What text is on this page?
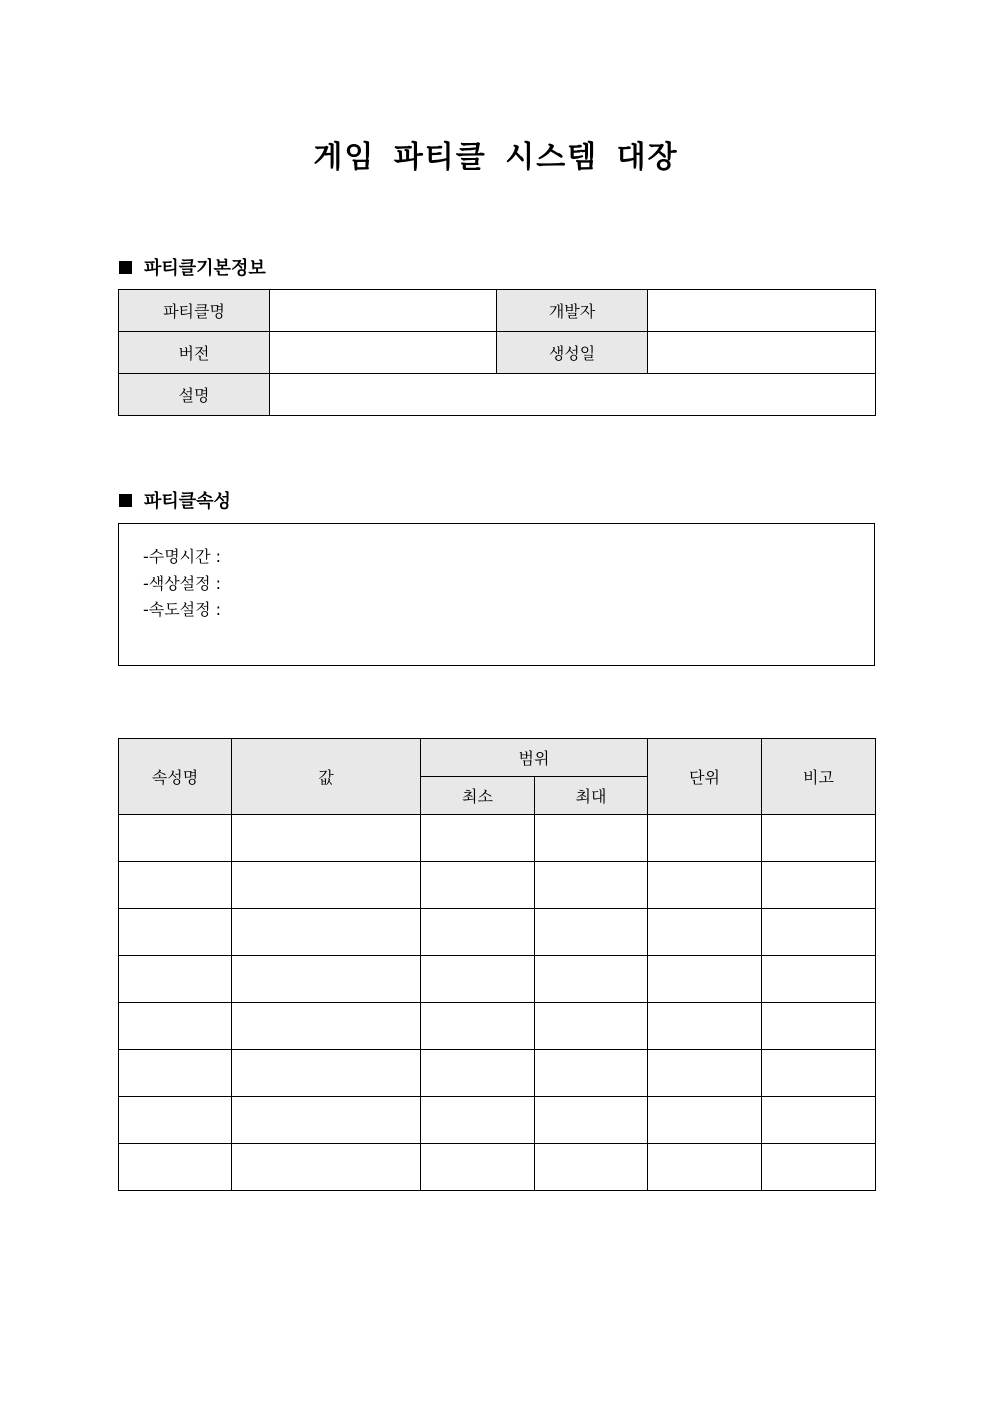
게임 파티클 시스템 대장
파티클기본정보
파티클명		개발자	
버전		생성일	
설명			
파티클속성
-수명시간 :
-색상설정 :
-속도설정 :
속성명	값	범위		단위	비고
		최소	최대		
